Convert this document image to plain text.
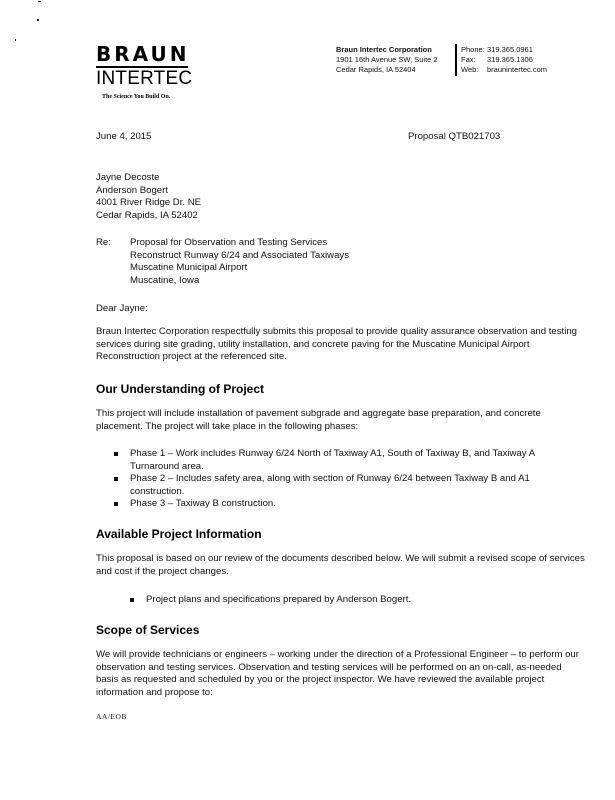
BRAUN
INTERTEC
The Science You Build On.
Braun Intertec Corporation
1901 16th Avenue SW, Suite 2
Cedar Rapids, IA 52404
Phone: 319.365.0961
Fax:	319.365.1306
Web:	braunintertec.com
June 4, 2015	Proposal QTB021703
Jayne Decoste
Anderson Bogert
4001 River Ridge Dr. NE
Cedar Rapids, IA 52402
Re: Proposal for Observation and Testing Services
Reconstruct Runway 6/24 and Associated Taxiways
Muscatine Municipal Airport
Muscatine, Iowa
Dear Jayne:
Braun Intertec Corporation respectfully submits this proposal to provide quality assurance observation and testing services during site grading, utility installation, and concrete paving for the Muscatine Municipal Airport Reconstruction project at the referenced site.
Our Understanding of Project
This project will include installation of pavement subgrade and aggregate base preparation, and concrete placement. The project will take place in the following phases:
Phase 1 – Work includes Runway 6/24 North of Taxiway A1, South of Taxiway B, and Taxiway A Turnaround area.
Phase 2 – Includes safety area, along with section of Runway 6/24 between Taxiway B and A1 construction.
Phase 3 – Taxiway B construction.
Available Project Information
This proposal is based on our review of the documents described below. We will submit a revised scope of services and cost if the project changes.
Project plans and specifications prepared by Anderson Bogert.
Scope of Services
We will provide technicians or engineers – working under the direction of a Professional Engineer – to perform our observation and testing services. Observation and testing services will be performed on an on-call, as-needed basis as requested and scheduled by you or the project inspector. We have reviewed the available project information and propose to:
AA/EOB
